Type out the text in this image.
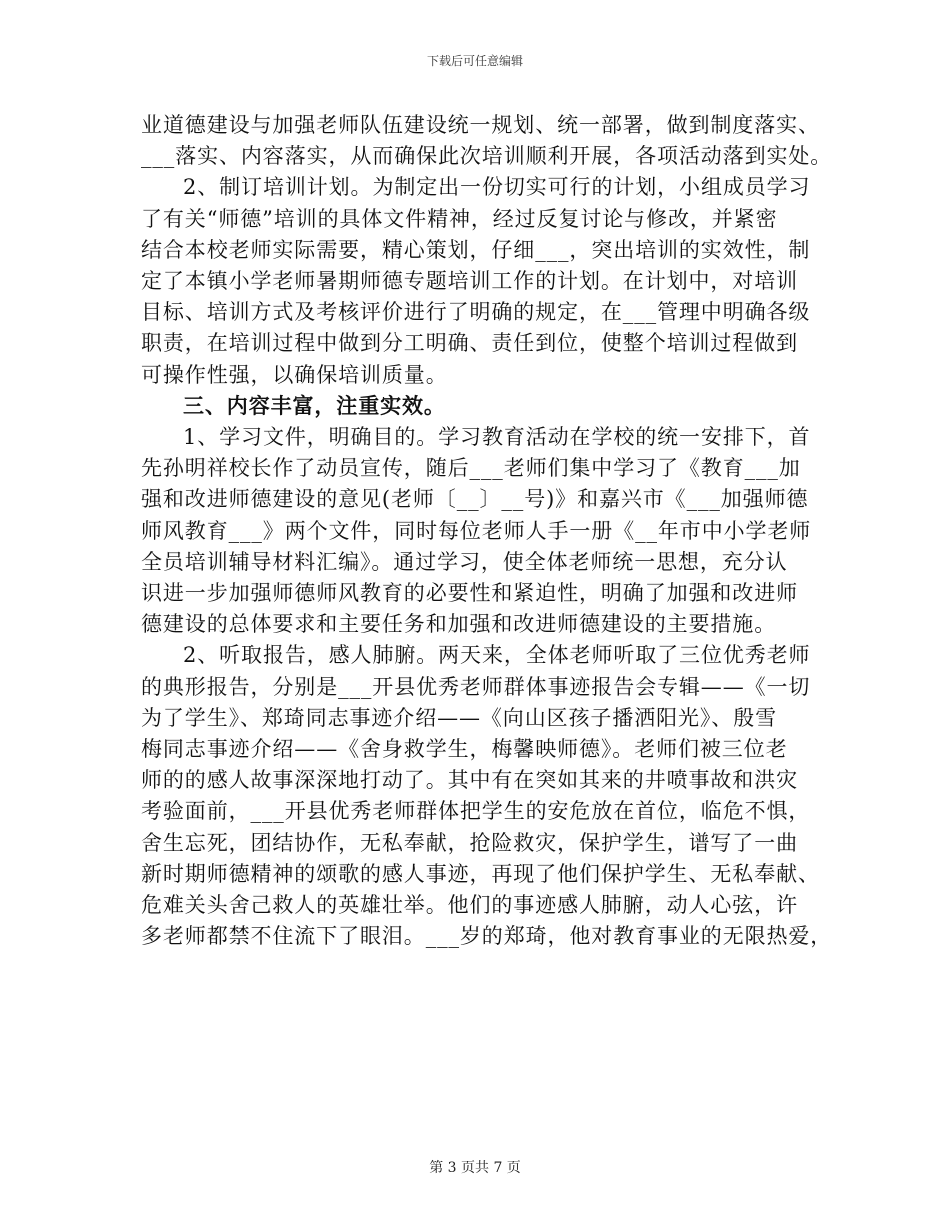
下载后可任意编辑
业道德建设与加强老师队伍建设统一规划、统一部署，做到制度落实、
___落实、内容落实，从而确保此次培训顺利开展，各项活动落到实处。
2、制订培训计划。为制定出一份切实可行的计划，小组成员学习
了有关“师德”培训的具体文件精神，经过反复讨论与修改，并紧密
结合本校老师实际需要，精心策划，仔细___，突出培训的实效性，制
定了本镇小学老师暑期师德专题培训工作的计划。在计划中，对培训
目标、培训方式及考核评价进行了明确的规定，在___管理中明确各级
职责，在培训过程中做到分工明确、责任到位，使整个培训过程做到
可操作性强，以确保培训质量。
三、内容丰富，注重实效。
1、学习文件，明确目的。学习教育活动在学校的统一安排下，首
先孙明祥校长作了动员宣传，随后___老师们集中学习了《教育___加
强和改进师德建设的意见(老师〔__〕__号)》和嘉兴市《___加强师德
师风教育___》两个文件，同时每位老师人手一册《__年市中小学老师
全员培训辅导材料汇编》。通过学习，使全体老师统一思想，充分认
识进一步加强师德师风教育的必要性和紧迫性，明确了加强和改进师
德建设的总体要求和主要任务和加强和改进师德建设的主要措施。
2、听取报告，感人肺腑。两天来，全体老师听取了三位优秀老师
的典形报告，分别是___开县优秀老师群体事迹报告会专辑——《一切
为了学生》、郑琦同志事迹介绍——《向山区孩子播洒阳光》、殷雪
梅同志事迹介绍——《舍身救学生，梅馨映师德》。老师们被三位老
师的的感人故事深深地打动了。其中有在突如其来的井喷事故和洪灾
考验面前，___开县优秀老师群体把学生的安危放在首位，临危不惧，
舍生忘死，团结协作，无私奉献，抢险救灾，保护学生，谱写了一曲
新时期师德精神的颂歌的感人事迹，再现了他们保护学生、无私奉献、
危难关头舍己救人的英雄壮举。他们的事迹感人肺腑，动人心弦，许
多老师都禁不住流下了眼泪。___岁的郑琦，他对教育事业的无限热爱，
第 3 页共 7 页
